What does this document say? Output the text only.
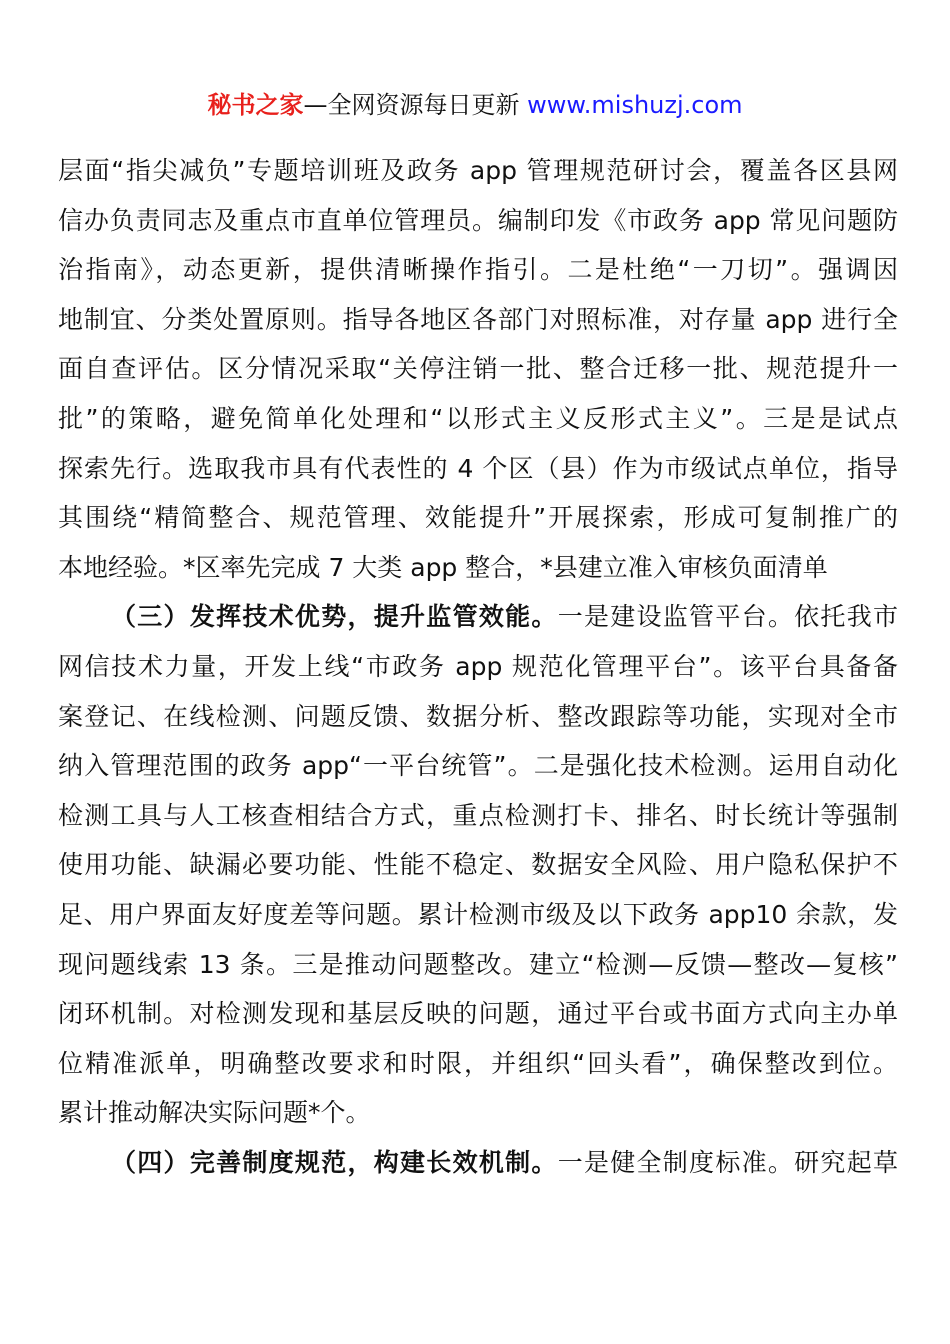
秘书之家—全网资源每日更新 www.mishuzj.com
层面“指尖减负”专题培训班及政务 app 管理规范研讨会，覆盖各区县网
信办负责同志及重点市直单位管理员。编制印发《市政务 app 常见问题防
治指南》，动态更新，提供清晰操作指引。二是杜绝“一刀切”。强调因
地制宜、分类处置原则。指导各地区各部门对照标准，对存量 app 进行全
面自查评估。区分情况采取“关停注销一批、整合迁移一批、规范提升一
批”的策略，避免简单化处理和“以形式主义反形式主义”。三是是试点
探索先行。选取我市具有代表性的 4 个区（县）作为市级试点单位，指导
其围绕“精简整合、规范管理、效能提升”开展探索，形成可复制推广的
本地经验。*区率先完成 7 大类 app 整合，*县建立准入审核负面清单
（三）发挥技术优势，提升监管效能。一是建设监管平台。依托我市
网信技术力量，开发上线“市政务 app 规范化管理平台”。该平台具备备
案登记、在线检测、问题反馈、数据分析、整改跟踪等功能，实现对全市
纳入管理范围的政务 app“一平台统管”。二是强化技术检测。运用自动化
检测工具与人工核查相结合方式，重点检测打卡、排名、时长统计等强制
使用功能、缺漏必要功能、性能不稳定、数据安全风险、用户隐私保护不
足、用户界面友好度差等问题。累计检测市级及以下政务 app10 余款，发
现问题线索 13 条。三是推动问题整改。建立“检测—反馈—整改—复核”
闭环机制。对检测发现和基层反映的问题，通过平台或书面方式向主办单
位精准派单，明确整改要求和时限，并组织“回头看”，确保整改到位。
累计推动解决实际问题*个。
（四）完善制度规范，构建长效机制。一是健全制度标准。研究起草
